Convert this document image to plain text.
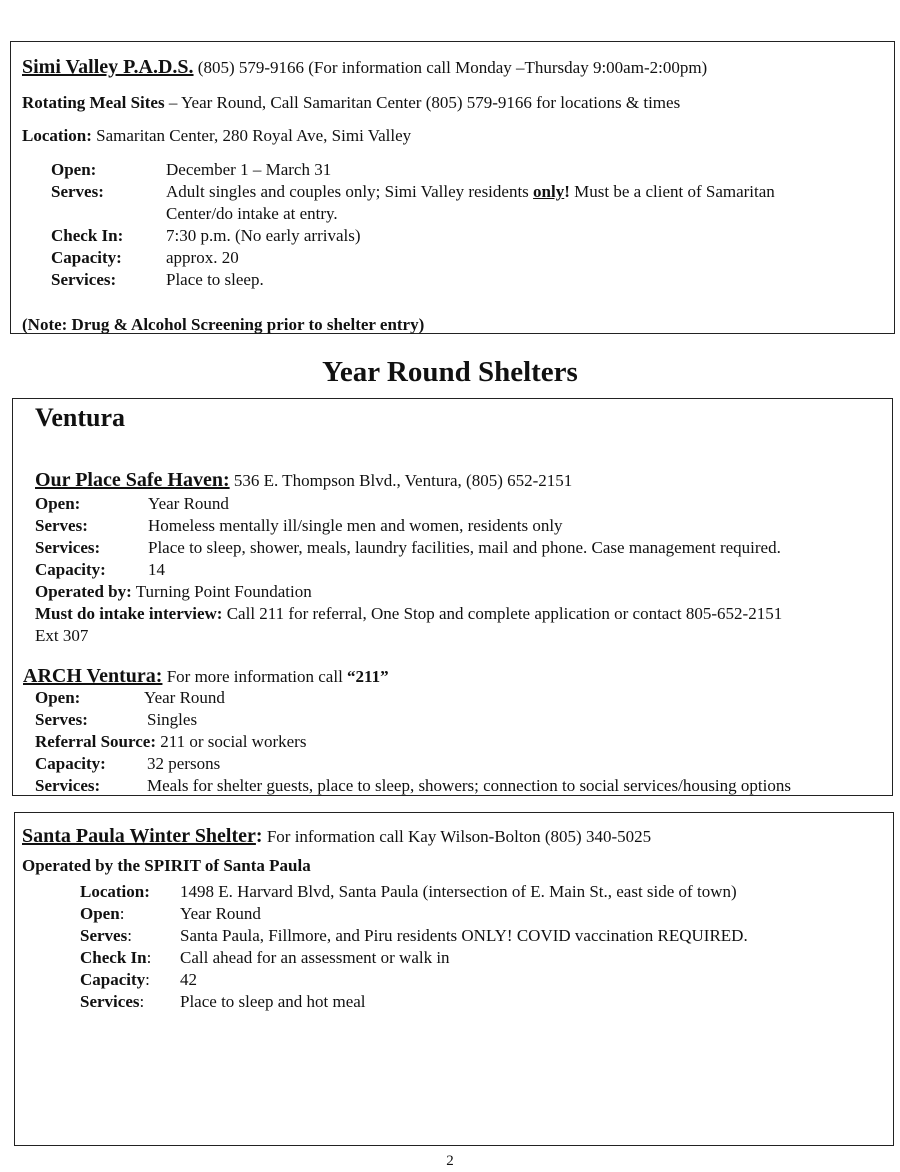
Simi Valley P.A.D.S. (805) 579-9166 (For information call Monday –Thursday 9:00am-2:00pm)
Rotating Meal Sites – Year Round, Call Samaritan Center (805) 579-9166 for locations & times
Location: Samaritan Center, 280 Royal Ave, Simi Valley
Open:	December 1 – March 31
Serves:	Adult singles and couples only; Simi Valley residents only! Must be a client of Samaritan
Center/do intake at entry.
Check In:	7:30 p.m. (No early arrivals)
Capacity:	approx. 20
Services:	Place to sleep.
(Note: Drug & Alcohol Screening prior to shelter entry)
Year Round Shelters
Ventura
Our Place Safe Haven: 536 E. Thompson Blvd., Ventura, (805) 652-2151
Open:	Year Round
Serves:	Homeless mentally ill/single men and women, residents only
Services:	Place to sleep, shower, meals, laundry facilities, mail and phone. Case management required.
Capacity: 14
Operated by: Turning Point Foundation
Must do intake interview: Call 211 for referral, One Stop and complete application or contact 805-652-2151
Ext 307
ARCH Ventura: For more information call “211”
Open:	Year Round
Serves:	Singles
Referral Source: 211 or social workers
Capacity: 32 persons
Services:	Meals for shelter guests, place to sleep, showers; connection to social services/housing options
Santa Paula Winter Shelter: For information call Kay Wilson-Bolton (805) 340-5025
Operated by the SPIRIT of Santa Paula
Location: 1498 E. Harvard Blvd, Santa Paula (intersection of E. Main St., east side of town)
Open:	Year Round
Serves:	Santa Paula, Fillmore, and Piru residents ONLY! COVID vaccination REQUIRED.
Check In: Call ahead for an assessment or walk in
Capacity: 42
Services: Place to sleep and hot meal
2
